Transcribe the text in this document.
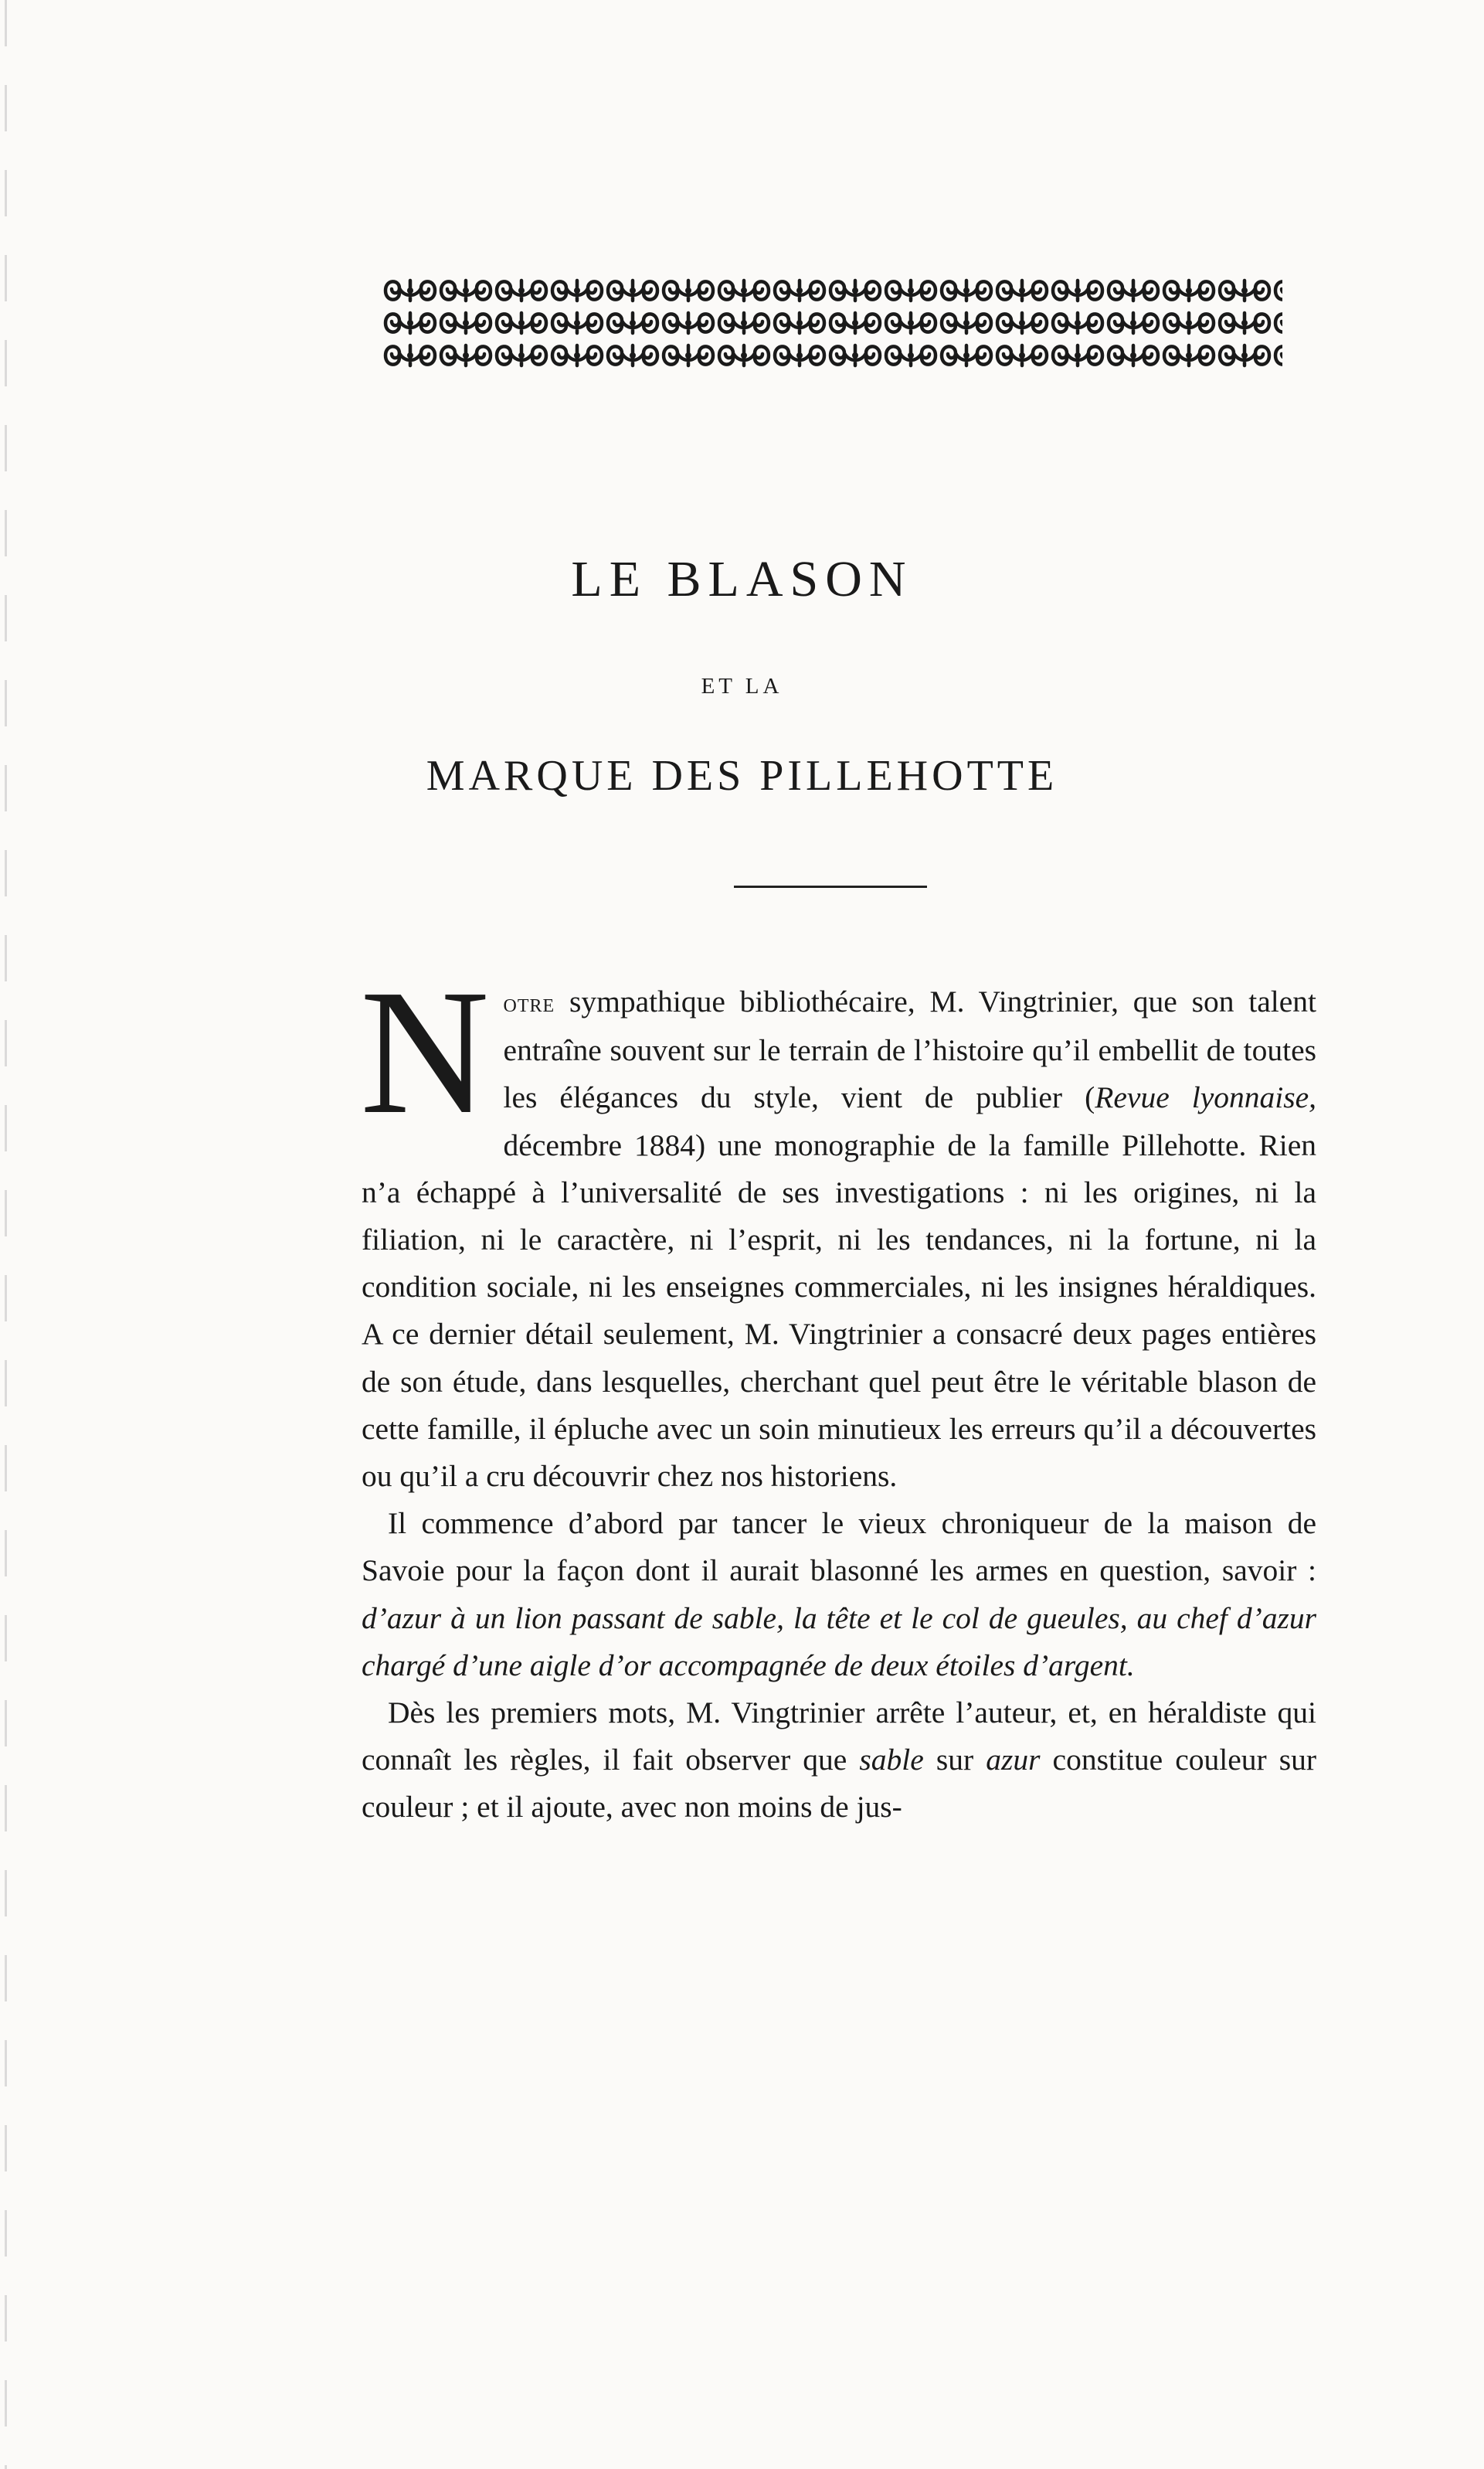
LE BLASON
ET LA
MARQUE DES PILLEHOTTE

Notre sympathique bibliothécaire, M. Vingtrinier, que son talent entraîne souvent sur le terrain de l’histoire qu’il embellit de toutes les élégances du style, vient de publier (Revue lyonnaise, décembre 1884) une monographie de la famille Pillehotte. Rien n’a échappé à l’universalité de ses investigations : ni les origines, ni la filiation, ni le caractère, ni l’esprit, ni les tendances, ni la fortune, ni la condition sociale, ni les enseignes commerciales, ni les insignes héraldiques. A ce dernier détail seulement, M. Vingtrinier a consacré deux pages entières de son étude, dans lesquelles, cherchant quel peut être le véritable blason de cette famille, il épluche avec un soin minutieux les erreurs qu’il a découvertes ou qu’il a cru découvrir chez nos historiens.

Il commence d’abord par tancer le vieux chroniqueur de la maison de Savoie pour la façon dont il aurait blasonné les armes en question, savoir : d’azur à un lion passant de sable, la tête et le col de gueules, au chef d’azur chargé d’une aigle d’or accompagnée de deux étoiles d’argent.

Dès les premiers mots, M. Vingtrinier arrête l’auteur, et, en héraldiste qui connaît les règles, il fait observer que sable sur azur constitue couleur sur couleur ; et il ajoute, avec non moins de jus-
